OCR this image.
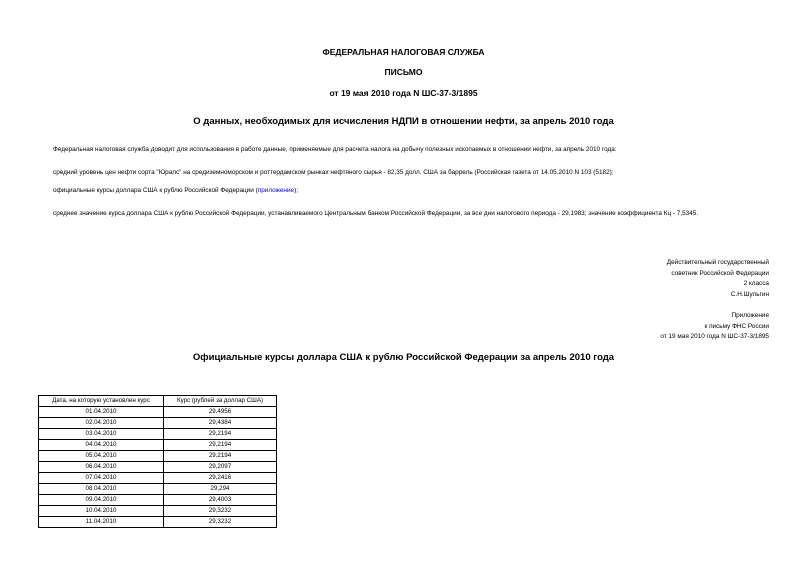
ФЕДЕРАЛЬНАЯ НАЛОГОВАЯ СЛУЖБА
ПИСЬМО
от 19 мая 2010 года N ШС-37-3/1895
О данных, необходимых для исчисления НДПИ в отношении нефти, за апрель 2010 года
Федеральная налоговая служба доводит для использования в работе данные, применяемые для расчета налога на добычу полезных ископаемых в отношении нефти, за апрель 2010 года:
средний уровень цен нефти сорта "Юралс" на средиземноморском и роттердамском рынках нефтяного сырья - 82,35 долл. США за баррель (Российская газета от 14.05.2010 N 103 (5182);
официальные курсы доллара США к рублю Российской Федерации (приложение);
среднее значение курса доллара США к рублю Российской Федерации, устанавливаемого Центральным банком Российской Федерации, за все дни налогового периода - 29,1983; значение коэффициента Кц - 7,5345.
Действительный государственный
советник Российской Федерации
2 класса
С.Н.Шульгин
Приложение
к письму ФНС России
от 19 мая 2010 года N ШС-37-3/1895
Официальные курсы доллара США к рублю Российской Федерации за апрель 2010 года
Дата, на которую установлен курс	Курс (рублей за доллар США)
01.04.2010	29,4956
02.04.2010	29,4384
03.04.2010	29,2194
04.04.2010	29,2194
05.04.2010	29,2194
06.04.2010	29,2097
07.04.2010	29,2416
08.04.2010	29,294
09.04.2010	29,4003
10.04.2010	29,3232
11.04.2010	29,3232
